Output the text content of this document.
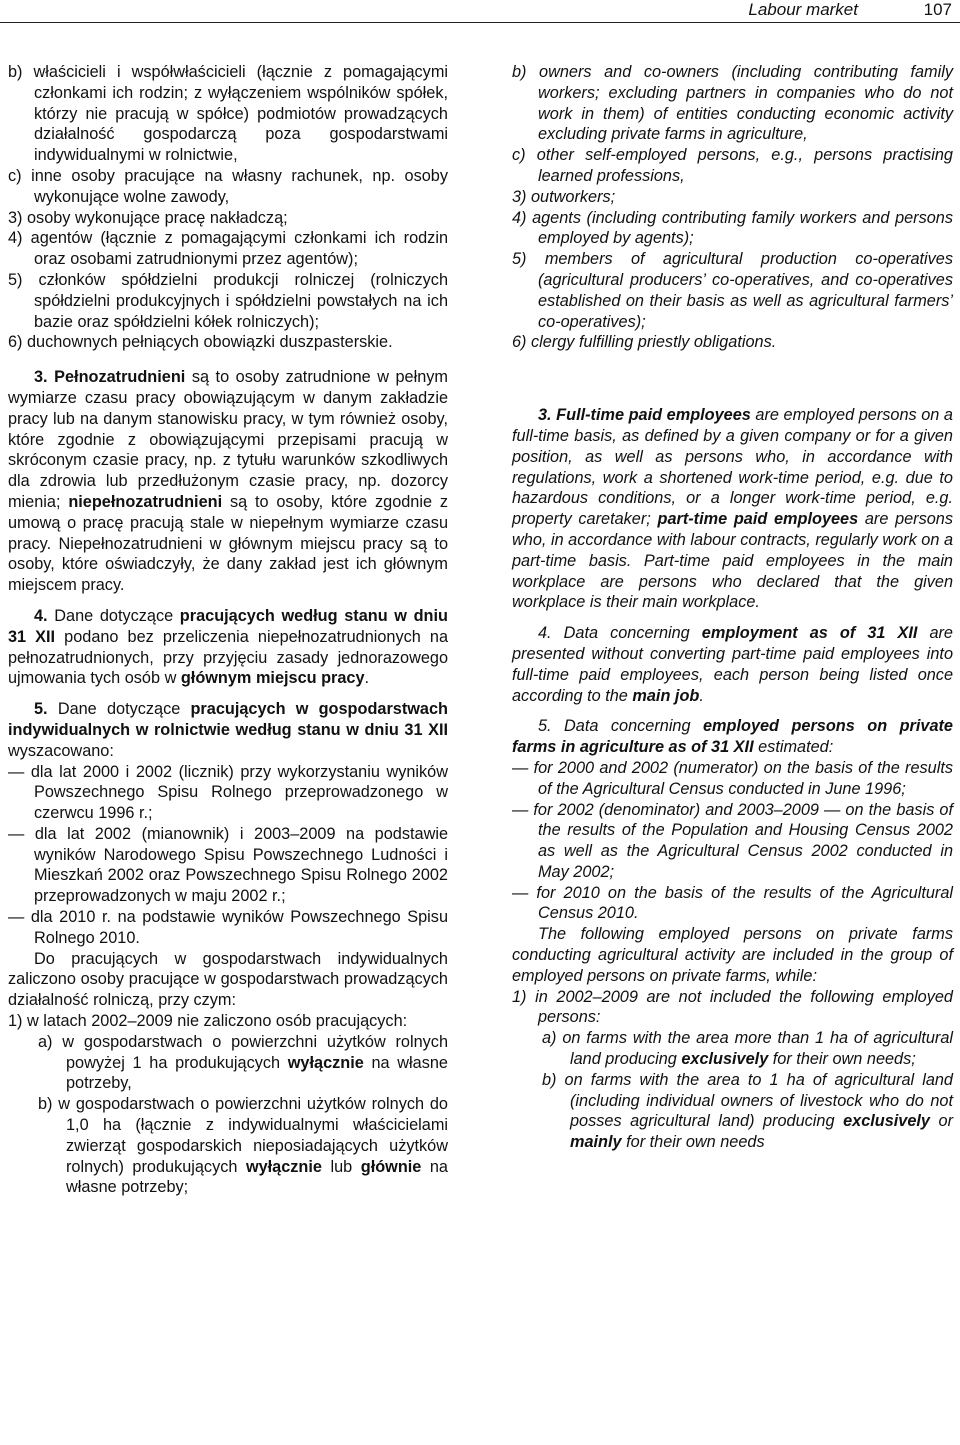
Labour market	107

b) właścicieli i współwłaścicieli (łącznie z pomagającymi członkami ich rodzin; z wyłączeniem wspólników spółek, którzy nie pracują w spółce) podmiotów prowadzących działalność gospodarczą poza gospodarstwami indywidualnymi w rolnictwie,

c) inne osoby pracujące na własny rachunek, np. osoby wykonujące wolne zawody,

3) osoby wykonujące pracę nakładczą;

4) agentów (łącznie z pomagającymi członkami ich rodzin oraz osobami zatrudnionymi przez agentów);

5) członków spółdzielni produkcji rolniczej (rolniczych spółdzielni produkcyjnych i spółdzielni powstałych na ich bazie oraz spółdzielni kółek rolniczych);

6) duchownych pełniących obowiązki duszpasterskie.

3. Pełnozatrudnieni są to osoby zatrudnione w pełnym wymiarze czasu pracy obowiązującym w danym zakładzie pracy lub na danym stanowisku pracy, w tym również osoby, które zgodnie z obowiązującymi przepisami pracują w skróconym czasie pracy, np. z tytułu warunków szkodliwych dla zdrowia lub przedłużonym czasie pracy, np. dozorcy mienia; niepełnozatrudnieni są to osoby, które zgodnie z umową o pracę pracują stale w niepełnym wymiarze czasu pracy. Niepełnozatrudnieni w głównym miejscu pracy są to osoby, które oświadczyły, że dany zakład jest ich głównym miejscem pracy.

4. Dane dotyczące pracujących według stanu w dniu 31 XII podano bez przeliczenia niepełnozatrudnionych na pełnozatrudnionych, przy przyjęciu zasady jednorazowego ujmowania tych osób w głównym miejscu pracy.

5. Dane dotyczące pracujących w gospodarstwach indywidualnych w rolnictwie według stanu w dniu 31 XII wyszacowano:

— dla lat 2000 i 2002 (licznik) przy wykorzystaniu wyników Powszechnego Spisu Rolnego przeprowadzonego w czerwcu 1996 r.;

— dla lat 2002 (mianownik) i 2003–2009 na podstawie wyników Narodowego Spisu Powszechnego Ludności i Mieszkań 2002 oraz Powszechnego Spisu Rolnego 2002 przeprowadzonych w maju 2002 r.;

— dla 2010 r. na podstawie wyników Powszechnego Spisu Rolnego 2010.

Do pracujących w gospodarstwach indywidualnych zaliczono osoby pracujące w gospodarstwach prowadzących działalność rolniczą, przy czym:

1) w latach 2002–2009 nie zaliczono osób pracujących:

a) w gospodarstwach o powierzchni użytków rolnych powyżej 1 ha produkujących wyłącznie na własne potrzeby,

b) w gospodarstwach o powierzchni użytków rolnych do 1,0 ha (łącznie z indywidualnymi właścicielami zwierząt gospodarskich nieposiadających użytków rolnych) produkujących wyłącznie lub głównie na własne potrzeby;

b) owners and co-owners (including contributing family workers; excluding partners in companies who do not work in them) of entities conducting economic activity excluding private farms in agriculture,

c) other self-employed persons, e.g., persons practising learned professions,

3) outworkers;

4) agents (including contributing family workers and persons employed by agents);

5) members of agricultural production co-operatives (agricultural producers’ co-operatives, and co-operatives established on their basis as well as agricultural farmers’ co-operatives);

6) clergy fulfilling priestly obligations.

3. Full-time paid employees are employed persons on a full-time basis, as defined by a given company or for a given position, as well as persons who, in accordance with regulations, work a shortened work-time period, e.g. due to hazardous conditions, or a longer work-time period, e.g. property caretaker; part-time paid employees are persons who, in accordance with labour contracts, regularly work on a part-time basis. Part-time paid employees in the main workplace are persons who declared that the given workplace is their main workplace.

4. Data concerning employment as of 31 XII are presented without converting part-time paid employees into full-time paid employees, each person being listed once according to the main job.

5. Data concerning employed persons on private farms in agriculture as of 31 XII estimated:

— for 2000 and 2002 (numerator) on the basis of the results of the Agricultural Census conducted in June 1996;

— for 2002 (denominator) and 2003–2009 — on the basis of the results of the Population and Housing Census 2002 as well as the Agricultural Census 2002 conducted in May 2002;

— for 2010 on the basis of the results of the Agricultural Census 2010.

The following employed persons on private farms conducting agricultural activity are included in the group of employed persons on private farms, while:

1) in 2002–2009 are not included the following employed persons:

a) on farms with the area more than 1 ha of agricultural land producing exclusively for their own needs;

b) on farms with the area to 1 ha of agricultural land (including individual owners of livestock who do not posses agricultural land) producing exclusively or mainly for their own needs
